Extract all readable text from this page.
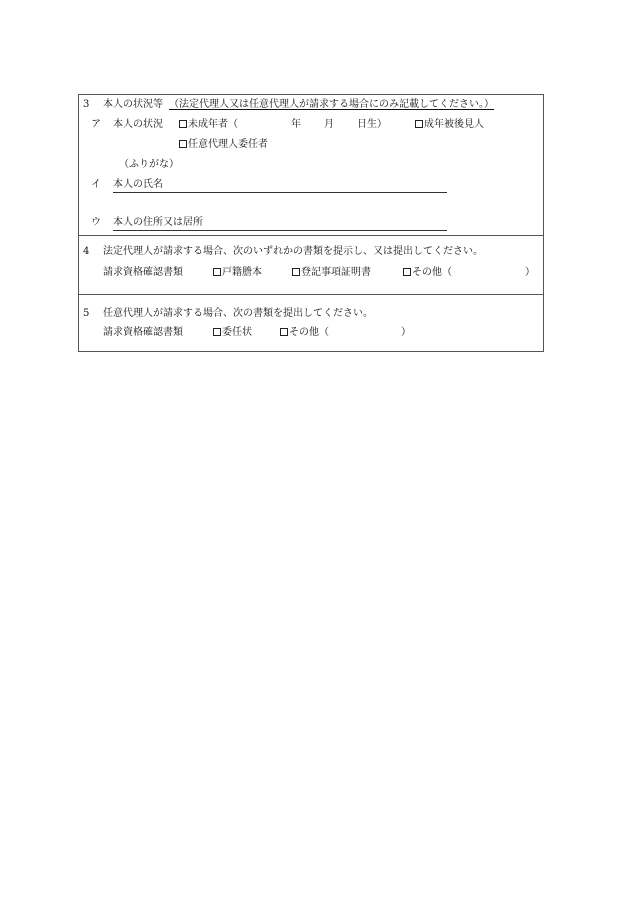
3 本人の状況等 （法定代理人又は任意代理人が請求する場合にのみ記載してください。）
ア 本人の状況	未成年者（	年 月 日生）	成年被後見人
任意代理人委任者
（ふりがな）
イ 本人の氏名
ウ 本人の住所又は居所
4 法定代理人が請求する場合、次のいずれかの書類を提示し、又は提出してください。
請求資格確認書類	戸籍謄本	登記事項証明書	その他（	）
5 任意代理人が請求する場合、次の書類を提出してください。
請求資格確認書類	委任状	その他（	）
